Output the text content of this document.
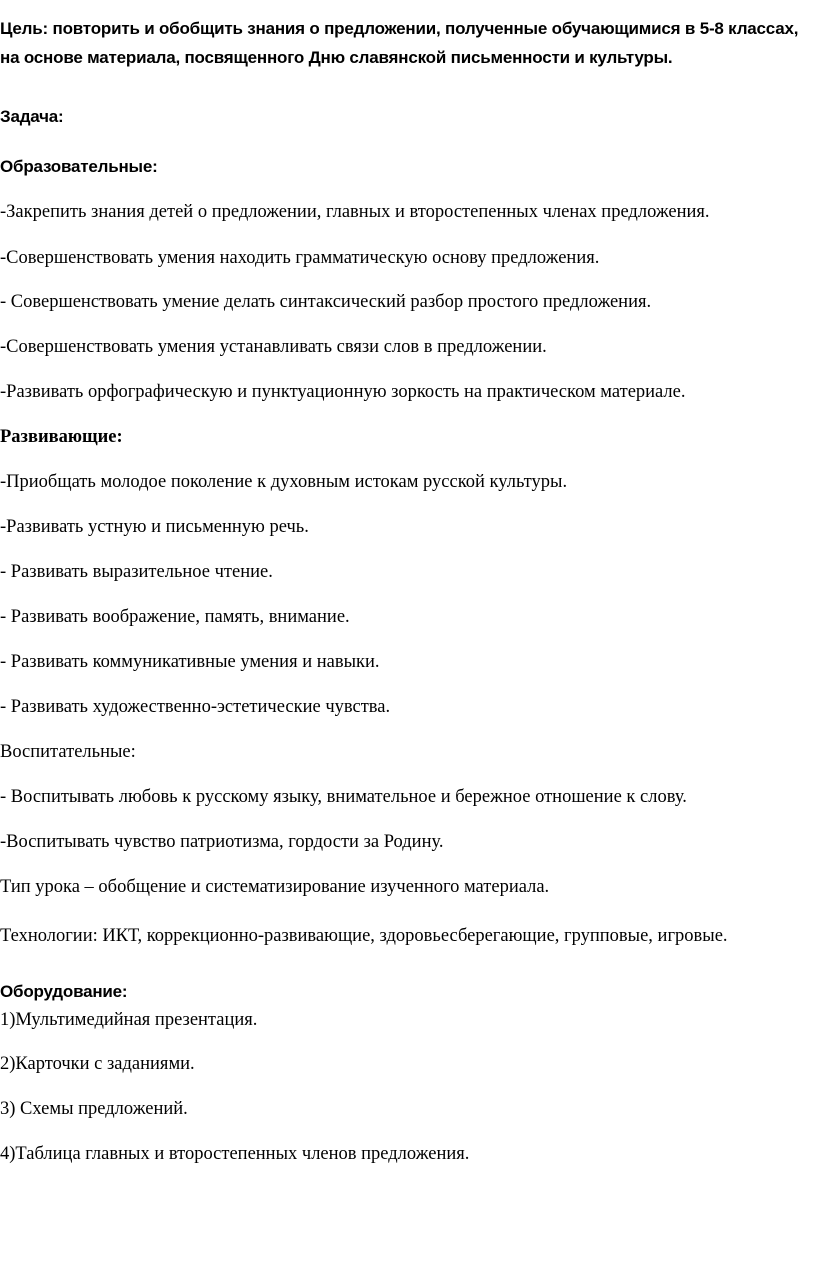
Цель: повторить и обобщить знания о предложении, полученные обучающимися в 5-8 классах, на основе материала, посвященного Дню славянской письменности и культуры.

Задача:

Образовательные:

-Закрепить знания детей о предложении, главных и второстепенных членах предложения.

-Совершенствовать умения находить грамматическую основу предложения.

- Совершенствовать умение делать синтаксический разбор простого предложения.

-Совершенствовать умения устанавливать связи слов в предложении.

-Развивать орфографическую и пунктуационную зоркость на практическом материале.

Развивающие:

-Приобщать молодое поколение к духовным истокам русской культуры.

-Развивать устную и письменную речь.

- Развивать выразительное чтение.

- Развивать воображение, память, внимание.

- Развивать коммуникативные умения и навыки.

- Развивать художественно-эстетические чувства.

Воспитательные:

- Воспитывать любовь к русскому языку, внимательное и бережное отношение к слову.

-Воспитывать чувство патриотизма, гордости за Родину.

Тип урока – обобщение и систематизирование изученного материала.

Технологии: ИКТ, коррекционно-развивающие, здоровьесберегающие, групповые, игровые.

Оборудование:

1)Мультимедийная презентация.

2)Карточки с заданиями.

3) Схемы предложений.

4)Таблица главных и второстепенных членов предложения.
